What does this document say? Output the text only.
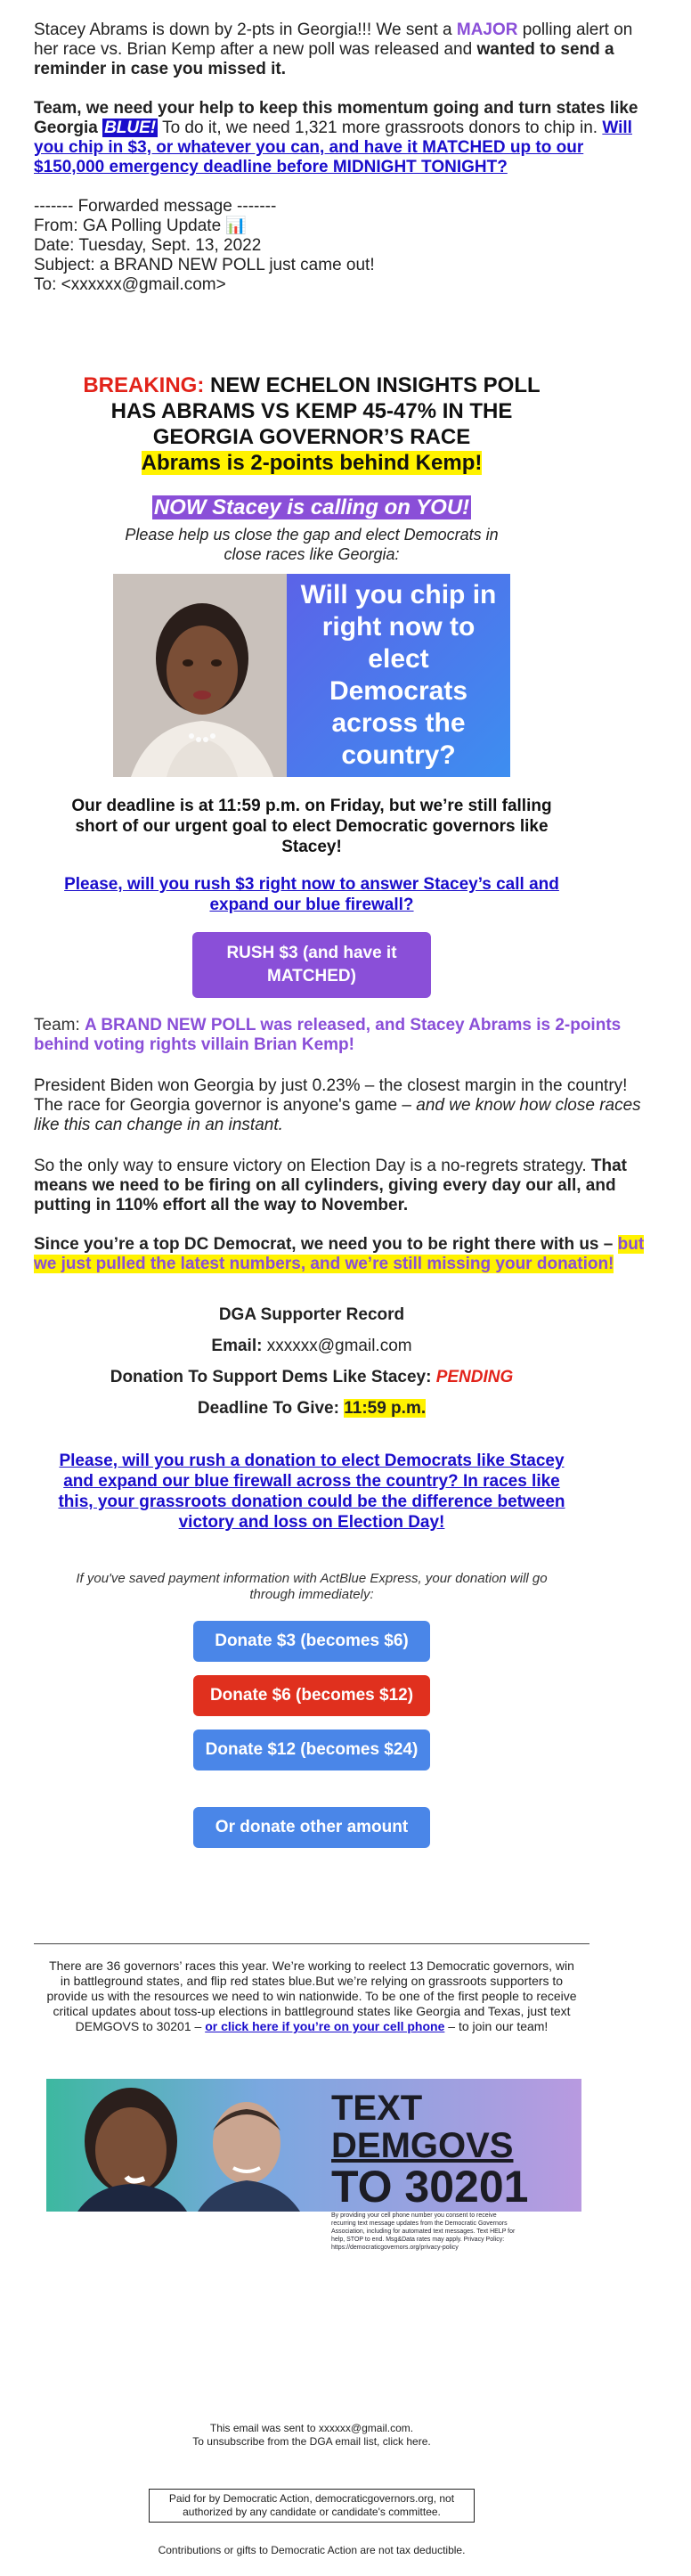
Stacey Abrams is down by 2-pts in Georgia!!! We sent a MAJOR polling alert on her race vs. Brian Kemp after a new poll was released and wanted to send a reminder in case you missed it.

Team, we need your help to keep this momentum going and turn states like Georgia BLUE! To do it, we need 1,321 more grassroots donors to chip in. Will you chip in $3, or whatever you can, and have it MATCHED up to our $150,000 emergency deadline before MIDNIGHT TONIGHT?

------- Forwarded message -------

From: GA Polling Update 📊

Date: Tuesday, Sept. 13, 2022

Subject: a BRAND NEW POLL just came out!

To: <xxxxxx@gmail.com>

BREAKING: NEW ECHELON INSIGHTS POLL HAS ABRAMS VS KEMP 45-47% IN THE GEORGIA GOVERNOR’S RACE

Abrams is 2-points behind Kemp!

NOW Stacey is calling on YOU!
Please help us close the gap and elect Democrats in close races like Georgia:
Will you chip in right now to elect Democrats across the country?
Our deadline is at 11:59 p.m. on Friday, but we’re still falling short of our urgent goal to elect Democratic governors like Stacey!
Please, will you rush $3 right now to answer Stacey’s call and expand our blue firewall?
RUSH $3 (and have it MATCHED)

Team: A BRAND NEW POLL was released, and Stacey Abrams is 2-points behind voting rights villain Brian Kemp!

President Biden won Georgia by just 0.23% – the closest margin in the country! The race for Georgia governor is anyone's game – and we know how close races like this can change in an instant.

So the only way to ensure victory on Election Day is a no-regrets strategy. That means we need to be firing on all cylinders, giving every day our all, and putting in 110% effort all the way to November.

Since you’re a top DC Democrat, we need you to be right there with us – but we just pulled the latest numbers, and we’re still missing your donation!

DGA Supporter Record

Email: xxxxxx@gmail.com

Donation To Support Dems Like Stacey: PENDING

Deadline To Give: 11:59 p.m.

Please, will you rush a donation to elect Democrats like Stacey and expand our blue firewall across the country? In races like this, your grassroots donation could be the difference between victory and loss on Election Day!
If you've saved payment information with ActBlue Express, your donation will go through immediately:
Donate $3 (becomes $6)
Donate $6 (becomes $12)
Donate $12 (becomes $24)
Or donate other amount

There are 36 governors’ races this year. We’re working to reelect 13 Democratic governors, win in battleground states, and flip red states blue.But we’re relying on grassroots supporters to provide us with the resources we need to win nationwide. To be one of the first people to receive critical updates about toss-up elections in battleground states like Georgia and Texas, just text DEMGOVS to 30201 – or click here if you’re on your cell phone – to join our team!

TEXT DEMGOVS
TO 30201
By providing your cell phone number you consent to receive recurring text message updates from the Democratic Governors Association, including for automated text messages. Text HELP for help, STOP to end. Msg&Data rates may apply. Privacy Policy: https://democraticgovernors.org/privacy-policy

This email was sent to xxxxxx@gmail.com.

To unsubscribe from the DGA email list, click here.

Paid for by Democratic Action, democraticgovernors.org, not authorized by any candidate or candidate's committee.

Contributions or gifts to Democratic Action are not tax deductible.
